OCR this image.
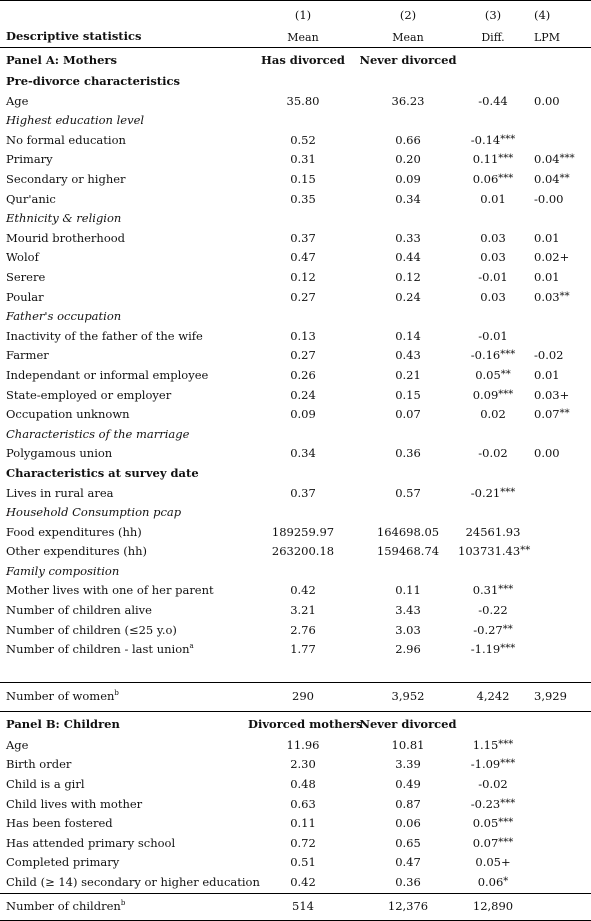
	(1)	(2)	(3)	(4)
Descriptive statistics	Mean	Mean	Diff.	LPM
Panel A: Mothers	Has divorced	Never divorced		
Pre-divorce characteristics				
Age	35.80	36.23	-0.44	0.00
Highest education level				
No formal education	0.52	0.66	-0.14***	
Primary	0.31	0.20	0.11***	0.04***
Secondary or higher	0.15	0.09	0.06***	0.04**
Qur'anic	0.35	0.34	0.01	-0.00
Ethnicity & religion				
Mourid brotherhood	0.37	0.33	0.03	0.01
Wolof	0.47	0.44	0.03	0.02+
Serere	0.12	0.12	-0.01	0.01
Poular	0.27	0.24	0.03	0.03**
Father's occupation				
Inactivity of the father of the wife	0.13	0.14	-0.01	
Farmer	0.27	0.43	-0.16***	-0.02
Independant or informal employee	0.26	0.21	0.05**	0.01
State-employed or employer	0.24	0.15	0.09***	0.03+
Occupation unknown	0.09	0.07	0.02	0.07**
Characteristics of the marriage				
Polygamous union	0.34	0.36	-0.02	0.00
Characteristics at survey date				
Lives in rural area	0.37	0.57	-0.21***	
Household Consumption pcap				
Food expenditures (hh)	189259.97	164698.05	24561.93	
Other expenditures (hh)	263200.18	159468.74	103731.43**	
Family composition				
Mother lives with one of her parent	0.42	0.11	0.31***	
Number of children alive	3.21	3.43	-0.22	
Number of children (≤25 y.o)	2.76	3.03	-0.27**	
Number of children - last union$^a$	1.77	2.96	-1.19***	

Number of women$^b$	290	3,952	4,242	3,929
Panel B: Children	Divorced mothers	Never divorced		
Age	11.96	10.81	1.15***	
Birth order	2.30	3.39	-1.09***	
Child is a girl	0.48	0.49	-0.02	
Child lives with mother	0.63	0.87	-0.23***	
Has been fostered	0.11	0.06	0.05***	
Has attended primary school	0.72	0.65	0.07***	
Completed primary	0.51	0.47	0.05+	
Child (≥ 14) secondary or higher education	0.42	0.36	0.06*	
Number of children$^b$	514	12,376	12,890	
